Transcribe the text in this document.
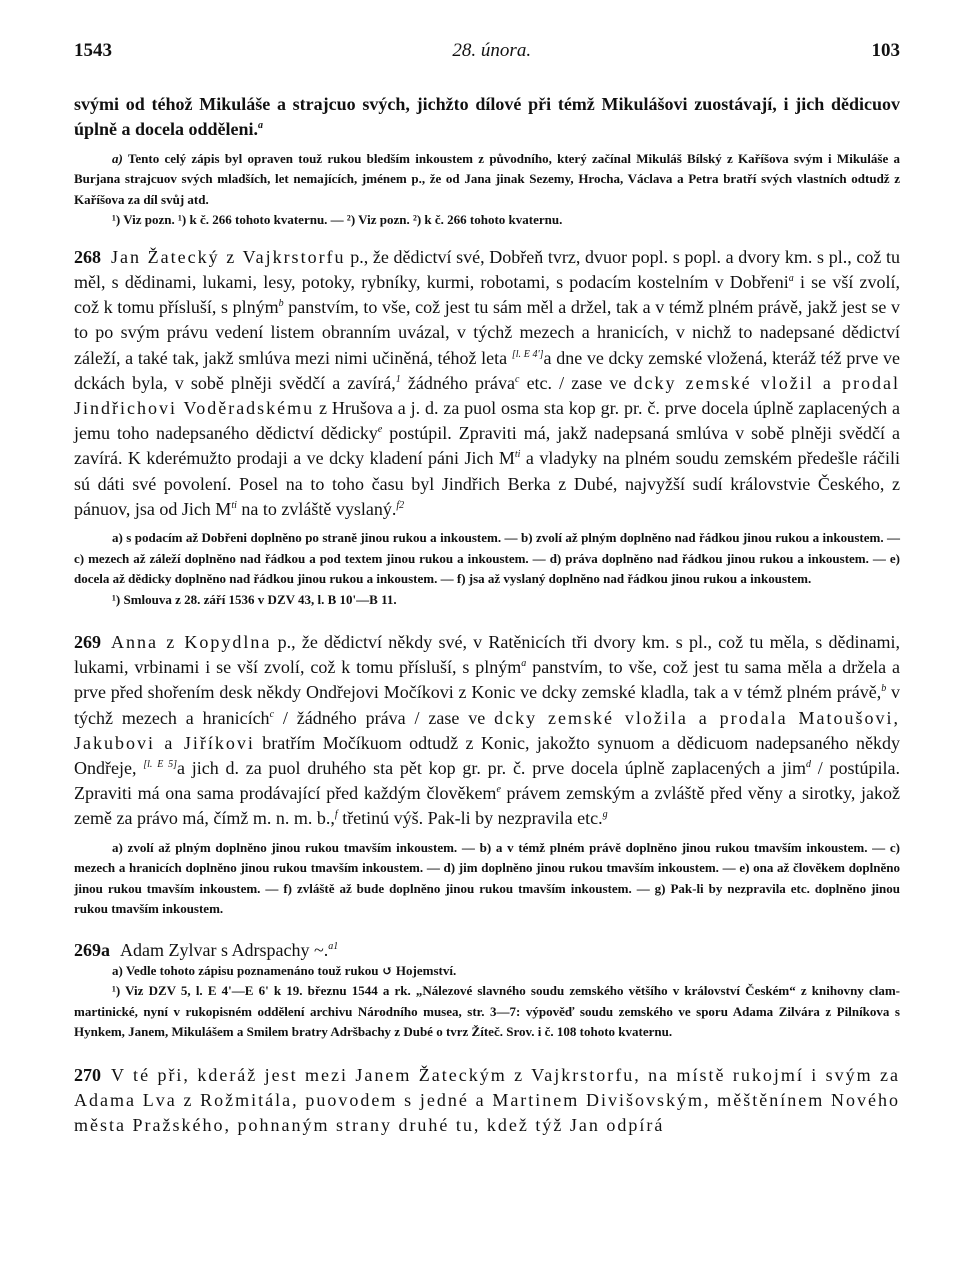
1543	28. února.	103

svými od téhož Mikuláše a strajcuo svých, jichžto dílové při témž Mikulášovi zuostávají, i jich dědicuov úplně a docela odděleni.$^a$

a) Tento celý zápis byl opraven touž rukou bledším inkoustem z původního, který začínal Mikuláš Bílský z Kaříšova svým i Mikuláše a Burjana strajcuov svých mladších, let nemajících, jménem p., že od Jana jinak Sezemy, Hrocha, Václava a Petra bratří svých vlastních odtudž z Kaříšova za díl svůj atd.

¹) Viz pozn. ¹) k č. 266 tohoto kvaternu. — ²) Viz pozn. ²) k č. 266 tohoto kvaternu.

268 Jan Žatecký z Vajkrstorfu p., že dědictví své, Dobřeň tvrz, dvuor popl. s popl. a dvory km. s pl., což tu měl, s dědinami, lukami, lesy, potoky, rybníky, kurmi, robotami, s podacím kostelním v Dobřeni$^a$ i se vší zvolí, což k tomu přísluší, s plným$^b$ panstvím, to vše, což jest tu sám měl a držel, tak a v témž plném právě, jakž jest se v to po svým právu vedení listem obranním uvázal, v týchž mezech a hranicích, v nichž to nadepsané dědictví záleží, a také tak, jakž smlúva mezi nimi učiněná, téhož leta [l. E 4']a dne ve dcky zemské vložená, kteráž též prve ve dckách byla, v sobě plněji svědčí a zavírá,$^1$ žádného práva$^c$ etc. / zase ve dcky zemské vložil a prodal Jindřichovi Voděradskému z Hrušova a j. d. za puol osma sta kop gr. pr. č. prve docela úplně zaplacených a jemu toho nadepsaného dědictví dědicky$^e$ postúpil. Zpraviti má, jakž nadepsaná smlúva v sobě plněji svědčí a zavírá. K kderémužto prodaji a ve dcky kladení páni Jich $M^{ti}$ a vladyky na plném soudu zemském předešle ráčili sú dáti své povolení. Posel na to toho času byl Jindřich Berka z Dubé, najvyžší sudí královstvie Českého, z pánuov, jsa od Jich $M^{ti}$ na to zvláště vyslaný.$^{f2}$

a) s podacím až Dobřeni doplněno po straně jinou rukou a inkoustem. — b) zvolí až plným doplněno nad řádkou jinou rukou a inkoustem. — c) mezech až záleží doplněno nad řádkou a pod textem jinou rukou a inkoustem. — d) práva doplněno nad řádkou jinou rukou a inkoustem. — e) docela až dědicky doplněno nad řádkou jinou rukou a inkoustem. — f) jsa až vyslaný doplněno nad řádkou jinou rukou a inkoustem.

¹) Smlouva z 28. září 1536 v DZV 43, l. B 10'—B 11.

269 Anna z Kopydlna p., že dědictví někdy své, v Ratěnicích tři dvory km. s pl., což tu měla, s dědinami, lukami, vrbinami i se vší zvolí, což k tomu přísluší, s plným$^a$ panstvím, to vše, což jest tu sama měla a držela a prve před shořením desk někdy Ondřejovi Močíkovi z Konic ve dcky zemské kladla, tak a v témž plném právě,$^b$ v týchž mezech a hranicích$^c$ / žádného práva / zase ve dcky zemské vložila a prodala Matoušovi, Jakubovi a Jiříkovi bratřím Močíkuom odtudž z Konic, jakožto synuom a dědicuom nadepsaného někdy Ondřeje, [l. E 5]a jich d. za puol druhého sta pět kop gr. pr. č. prve docela úplně zaplacených a jim$^d$ / postúpila. Zpraviti má ona sama prodávající před každým člověkem$^e$ právem zemským a zvláště před věny a sirotky, jakož země za právo má, čímž m. n. m. b.,$^f$ třetinú výš. Pak-li by nezpravila etc.$^g$

a) zvolí až plným doplněno jinou rukou tmavším inkoustem. — b) a v témž plném právě doplněno jinou rukou tmavším inkoustem. — c) mezech a hranicích doplněno jinou rukou tmavším inkoustem. — d) jim doplněno jinou rukou tmavším inkoustem. — e) ona až člověkem doplněno jinou rukou tmavším inkoustem. — f) zvláště až bude doplněno jinou rukou tmavším inkoustem. — g) Pak-li by nezpravila etc. doplněno jinou rukou tmavším inkoustem.

269a Adam Zylvar s Adrspachy ~.$^{a1}$

a) Vedle tohoto zápisu poznamenáno touž rukou ↺ Hojemství.

¹) Viz DZV 5, l. E 4'—E 6' k 19. březnu 1544 a rk. „Nálezové slavného soudu zemského většího v království Českém“ z knihovny clam-martinické, nyní v rukopisném oddělení archivu Národního musea, str. 3—7: výpověď soudu zemského ve sporu Adama Zilvára z Pilníkova s Hynkem, Janem, Mikulášem a Smilem bratry Adršbachy z Dubé o tvrz Žíteč. Srov. i č. 108 tohoto kvaternu.

270 V té při, kderáž jest mezi Janem Žateckým z Vajkrstorfu, na místě rukojmí i svým za Adama Lva z Rožmitála, puovodem s jedné a Martinem Divišovským, měštěnínem Nového města Pražského, pohnaným strany druhé tu, kdež týž Jan odpírá
